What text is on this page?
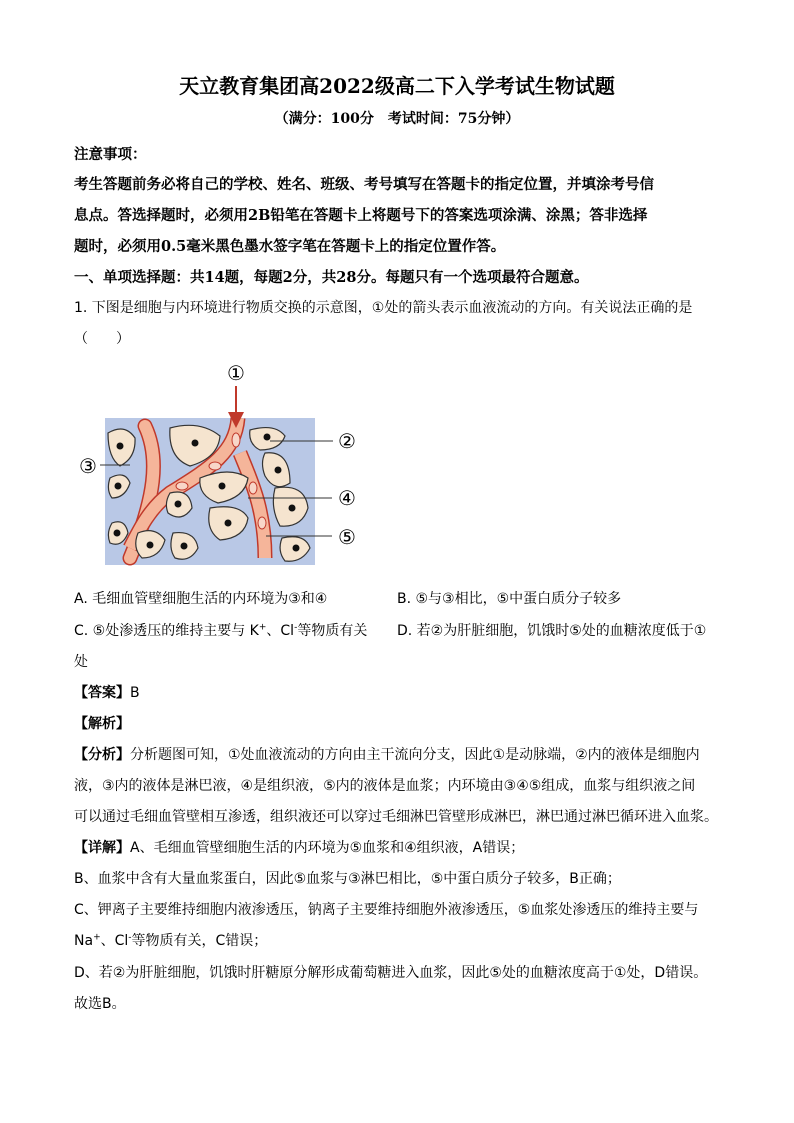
天立教育集团高2022级高二下入学考试生物试题
（满分：100分　考试时间：75分钟）
注意事项：
考生答题前务必将自己的学校、姓名、班级、考号填写在答题卡的指定位置，并填涂考号信
息点。答选择题时，必须用2B铅笔在答题卡上将题号下的答案选项涂满、涂黑；答非选择
题时，必须用0.5毫米黑色墨水签字笔在答题卡上的指定位置作答。
一、单项选择题：共14题，每题2分，共28分。每题只有一个选项最符合题意。
1. 下图是细胞与内环境进行物质交换的示意图，①处的箭头表示血液流动的方向。有关说法正确的是
（　　）
①
②
③
④
⑤
A. 毛细血管壁细胞生活的内环境为③和④	B. ⑤与③相比，⑤中蛋白质分子较多
C. ⑤处渗透压的维持主要与 K+、Cl-等物质有关 D. 若②为肝脏细胞，饥饿时⑤处的血糖浓度低于①
处
【答案】B
【解析】
【分析】分析题图可知，①处血液流动的方向由主干流向分支，因此①是动脉端，②内的液体是细胞内
液，③内的液体是淋巴液，④是组织液，⑤内的液体是血浆；内环境由③④⑤组成，血浆与组织液之间
可以通过毛细血管壁相互渗透，组织液还可以穿过毛细淋巴管壁形成淋巴，淋巴通过淋巴循环进入血浆。
【详解】A、毛细血管壁细胞生活的内环境为⑤血浆和④组织液，A错误；
B、血浆中含有大量血浆蛋白，因此⑤血浆与③淋巴相比，⑤中蛋白质分子较多，B正确；
C、钾离子主要维持细胞内液渗透压，钠离子主要维持细胞外液渗透压，⑤血浆处渗透压的维持主要与
Na+、Cl-等物质有关，C错误；
D、若②为肝脏细胞，饥饿时肝糖原分解形成葡萄糖进入血浆，因此⑤处的血糖浓度高于①处，D错误。
故选B。
